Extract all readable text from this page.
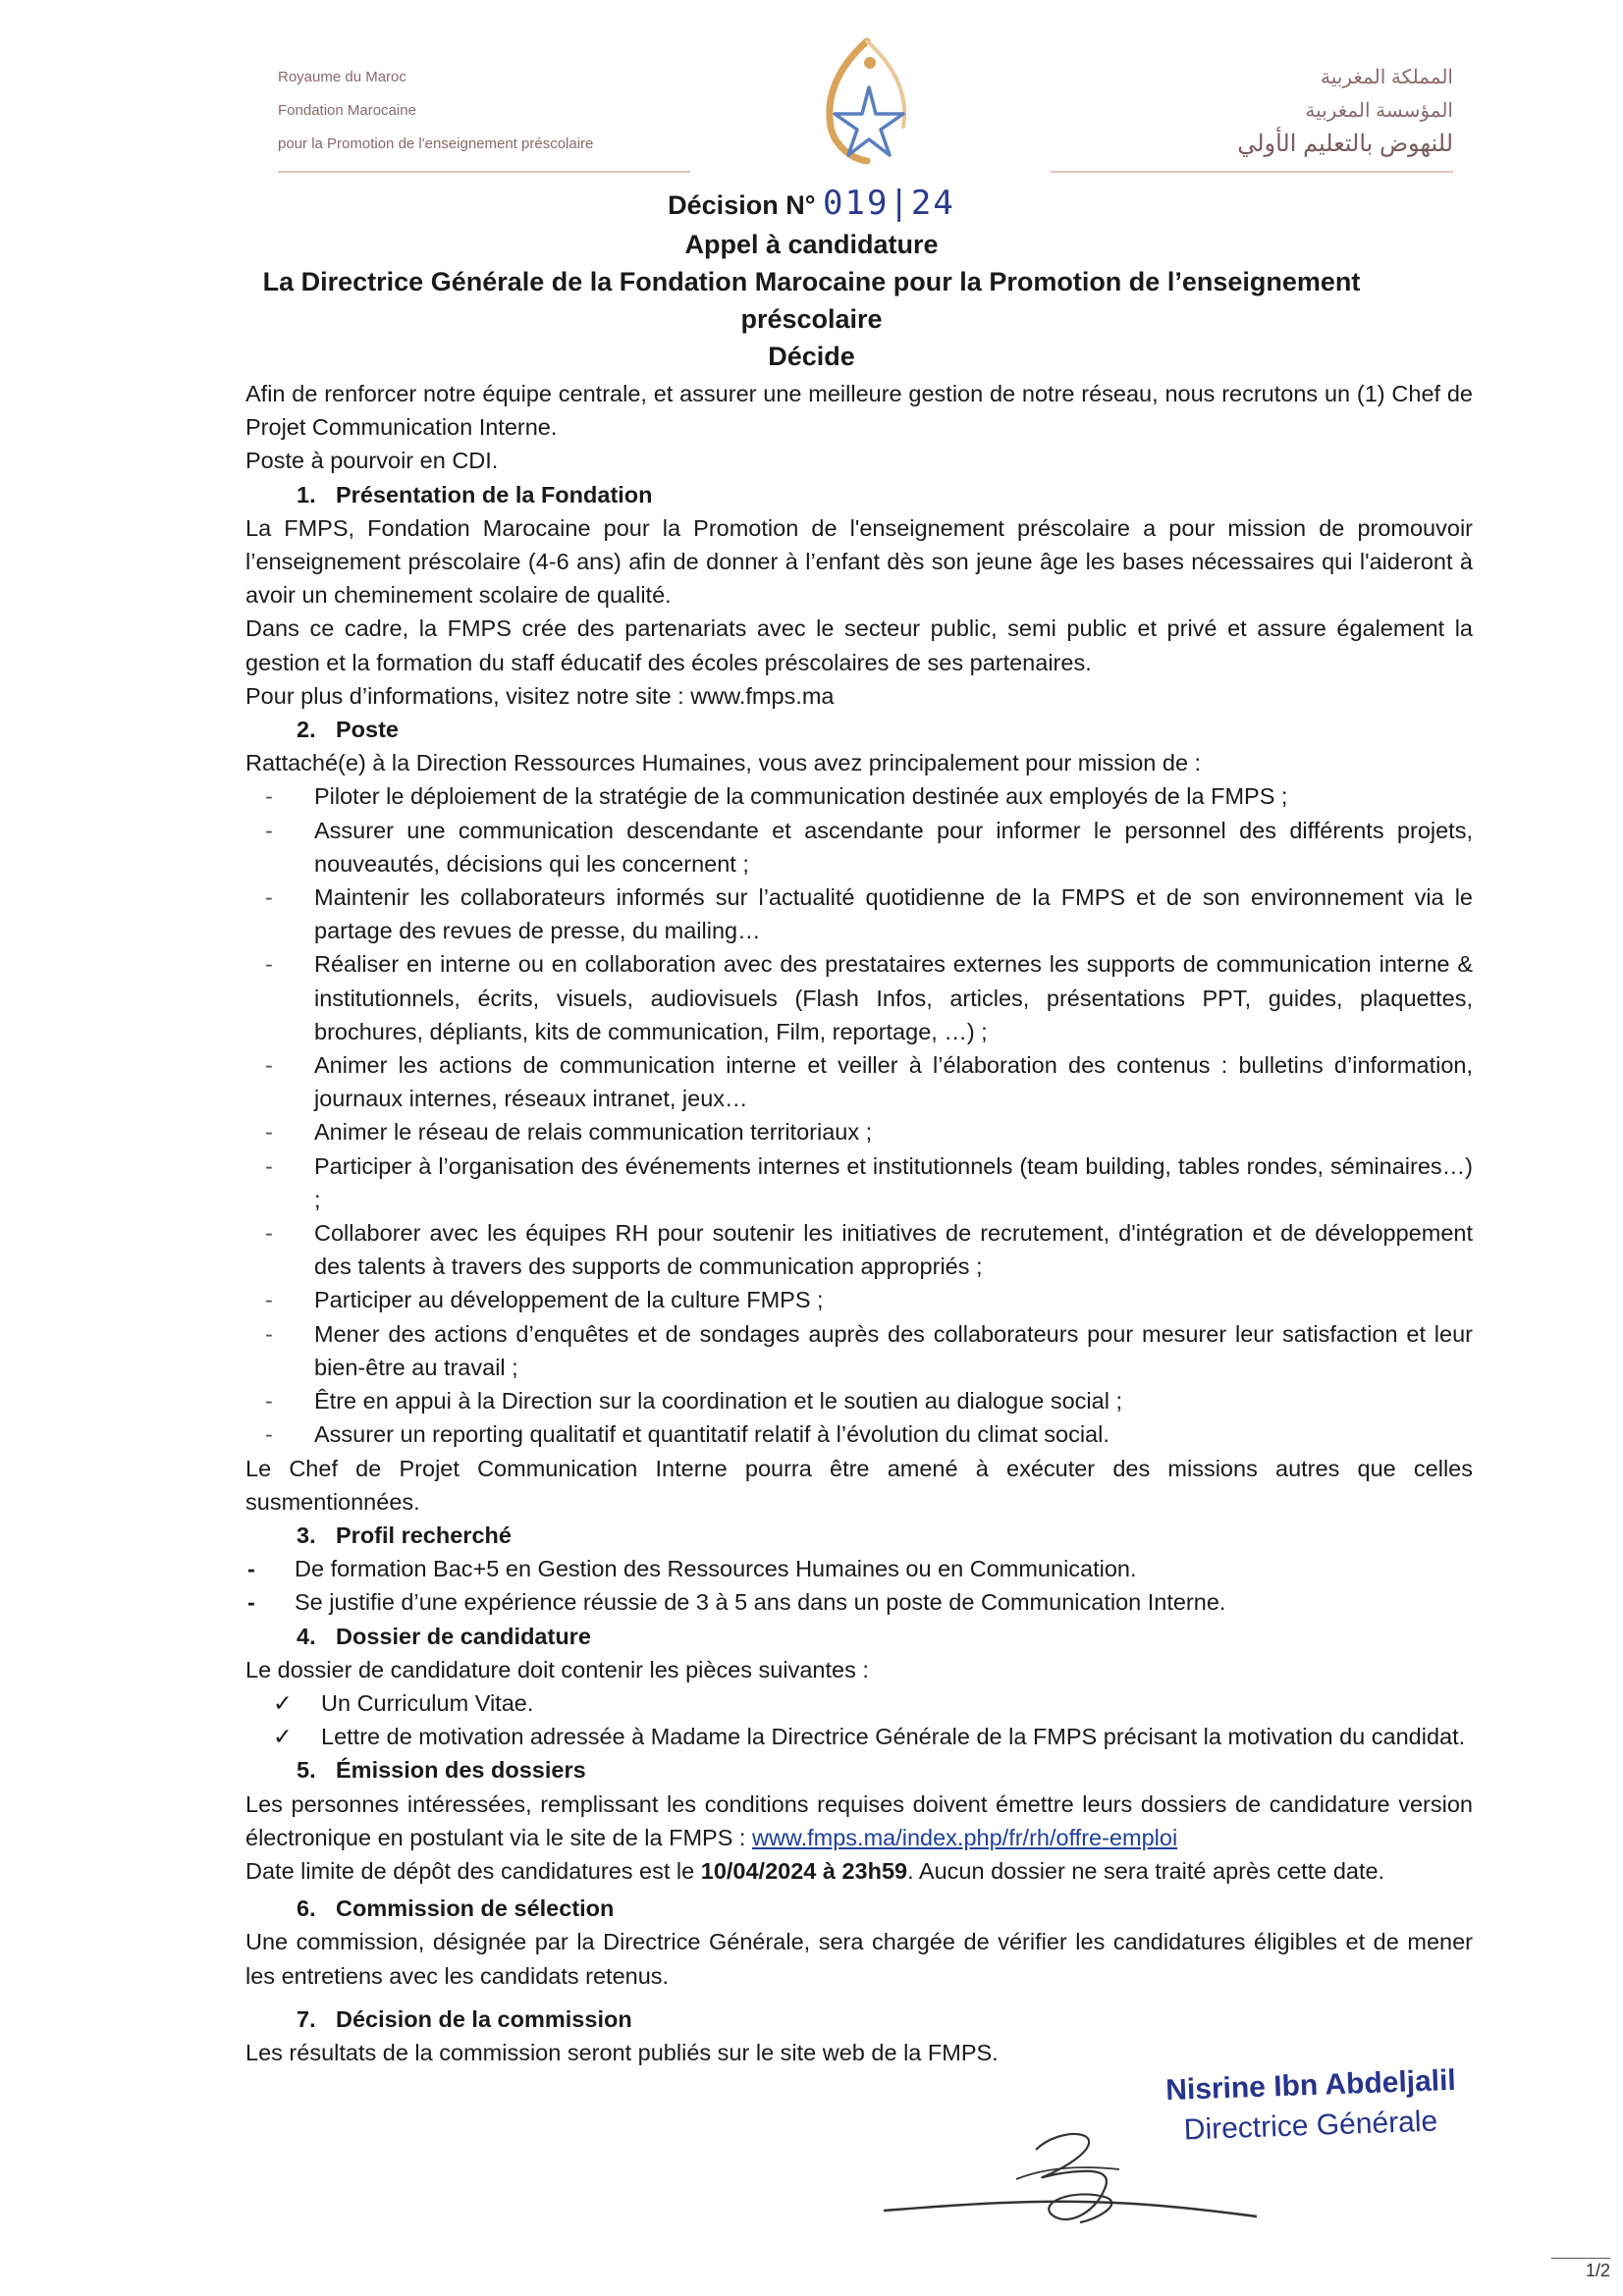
Royaume du Maroc
Fondation Marocaine
pour la Promotion de l'enseignement préscolaire
المملكة المغربية
المؤسسة المغربية
للنهوض بالتعليم الأولي
Décision N° 019|24
Appel à candidature
La Directrice Générale de la Fondation Marocaine pour la Promotion de l’enseignement
préscolaire
Décide

Afin de renforcer notre équipe centrale, et assurer une meilleure gestion de notre réseau, nous recrutons un (1) Chef de Projet Communication Interne.

Poste à pourvoir en CDI.

1. Présentation de la Fondation

La FMPS, Fondation Marocaine pour la Promotion de l'enseignement préscolaire a pour mission de promouvoir l’enseignement préscolaire (4-6 ans) afin de donner à l’enfant dès son jeune âge les bases nécessaires qui l'aideront à avoir un cheminement scolaire de qualité.

Dans ce cadre, la FMPS crée des partenariats avec le secteur public, semi public et privé et assure également la gestion et la formation du staff éducatif des écoles préscolaires de ses partenaires.

Pour plus d’informations, visitez notre site : www.fmps.ma

2. Poste

Rattaché(e) à la Direction Ressources Humaines, vous avez principalement pour mission de :

- Piloter le déploiement de la stratégie de la communication destinée aux employés de la FMPS ;
- Assurer une communication descendante et ascendante pour informer le personnel des différents projets, nouveautés, décisions qui les concernent ;
- Maintenir les collaborateurs informés sur l’actualité quotidienne de la FMPS et de son environnement via le partage des revues de presse, du mailing…
- Réaliser en interne ou en collaboration avec des prestataires externes les supports de communication interne & institutionnels, écrits, visuels, audiovisuels (Flash Infos, articles, présentations PPT, guides, plaquettes, brochures, dépliants, kits de communication, Film, reportage, …) ;
- Animer les actions de communication interne et veiller à l’élaboration des contenus : bulletins d’information, journaux internes, réseaux intranet, jeux…
- Animer le réseau de relais communication territoriaux ;
- Participer à l’organisation des événements internes et institutionnels (team building, tables rondes, séminaires…) ;
- Collaborer avec les équipes RH pour soutenir les initiatives de recrutement, d'intégration et de développement des talents à travers des supports de communication appropriés ;
- Participer au développement de la culture FMPS ;
- Mener des actions d’enquêtes et de sondages auprès des collaborateurs pour mesurer leur satisfaction et leur bien-être au travail ;
- Être en appui à la Direction sur la coordination et le soutien au dialogue social ;
- Assurer un reporting qualitatif et quantitatif relatif à l’évolution du climat social.

Le Chef de Projet Communication Interne pourra être amené à exécuter des missions autres que celles susmentionnées.

3. Profil recherché
- De formation Bac+5 en Gestion des Ressources Humaines ou en Communication.
- Se justifie d’une expérience réussie de 3 à 5 ans dans un poste de Communication Interne.
4. Dossier de candidature

Le dossier de candidature doit contenir les pièces suivantes :

✓ Un Curriculum Vitae.
✓ Lettre de motivation adressée à Madame la Directrice Générale de la FMPS précisant la motivation du candidat.
5. Émission des dossiers

Les personnes intéressées, remplissant les conditions requises doivent émettre leurs dossiers de candidature version électronique en postulant via le site de la FMPS : www.fmps.ma/index.php/fr/rh/offre-emploi

Date limite de dépôt des candidatures est le 10/04/2024 à 23h59. Aucun dossier ne sera traité après cette date.

6. Commission de sélection

Une commission, désignée par la Directrice Générale, sera chargée de vérifier les candidatures éligibles et de mener les entretiens avec les candidats retenus.

7. Décision de la commission

Les résultats de la commission seront publiés sur le site web de la FMPS.

Nisrine Ibn Abdeljalil
Directrice Générale
1/2
